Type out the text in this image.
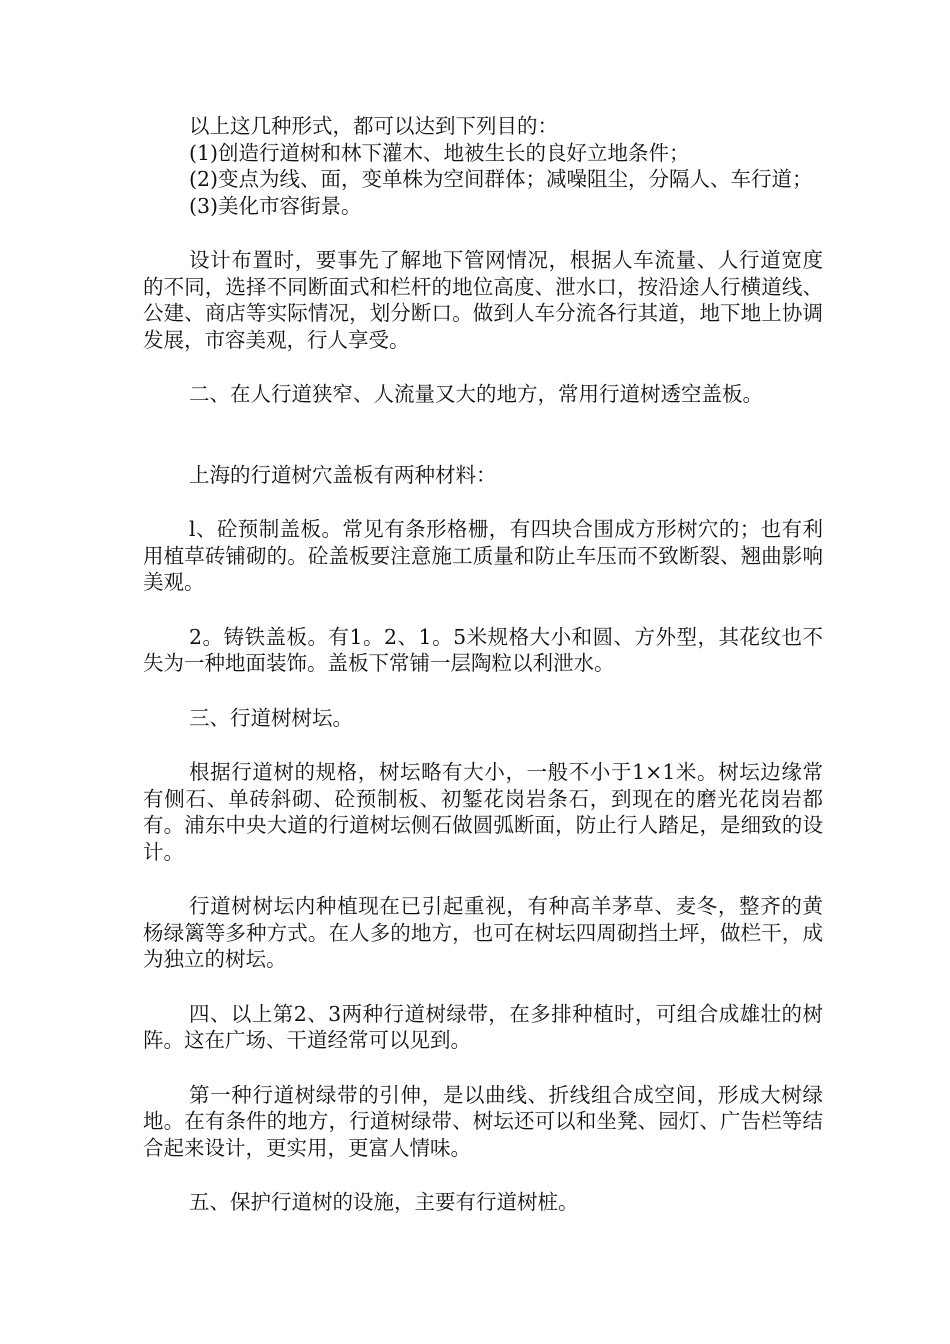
以上这几种形式，都可以达到下列目的：

(1)创造行道树和林下灌木、地被生长的良好立地条件；

(2)变点为线、面，变单株为空间群体；减噪阻尘，分隔人、车行道；

(3)美化市容街景。

设计布置时，要事先了解地下管网情况，根据人车流量、人行道宽度的不同，选择不同断面式和栏杆的地位高度、泄水口，按沿途人行横道线、公建、商店等实际情况，划分断口。做到人车分流各行其道，地下地上协调发展，市容美观，行人享受。

二、在人行道狭窄、人流量又大的地方，常用行道树透空盖板。

上海的行道树穴盖板有两种材料：

l、砼预制盖板。常见有条形格栅，有四块合围成方形树穴的；也有利用植草砖铺砌的。砼盖板要注意施工质量和防止车压而不致断裂、翘曲影响美观。

2。铸铁盖板。有1。2、1。5米规格大小和圆、方外型，其花纹也不失为一种地面装饰。盖板下常铺一层陶粒以利泄水。

三、行道树树坛。

根据行道树的规格，树坛略有大小，一般不小于1×1米。树坛边缘常有侧石、单砖斜砌、砼预制板、初錾花岗岩条石，到现在的磨光花岗岩都有。浦东中央大道的行道树坛侧石做圆弧断面，防止行人踏足，是细致的设计。

行道树树坛内种植现在已引起重视，有种高羊茅草、麦冬，整齐的黄杨绿篱等多种方式。在人多的地方，也可在树坛四周砌挡土坪，做栏干，成为独立的树坛。

四、以上第2、3两种行道树绿带，在多排种植时，可组合成雄壮的树阵。这在广场、干道经常可以见到。

第一种行道树绿带的引伸，是以曲线、折线组合成空间，形成大树绿地。在有条件的地方，行道树绿带、树坛还可以和坐凳、园灯、广告栏等结合起来设计，更实用，更富人情味。

五、保护行道树的设施，主要有行道树桩。
